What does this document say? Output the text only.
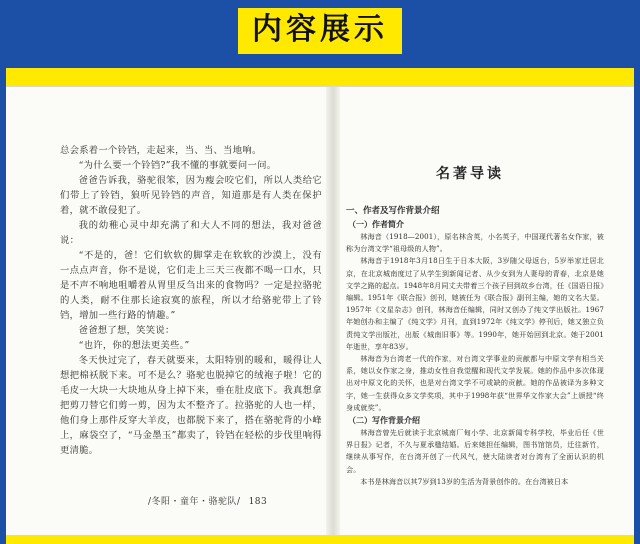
内容展示

总会系着一个铃铛，走起来，当、当、当地响。

“为什么要一个铃铛?”我不懂的事就要问一问。

爸爸告诉我，骆驼很笨，因为瘦会咬它们，所以人类给它们带上了铃铛，狼听见铃铛的声音，知道那是有人类在保护着，就不敢侵犯了。

我的幼稚心灵中却充满了和大人不同的想法，我对爸爸说：

“不是的，爸！它们软软的脚掌走在软软的沙漠上，没有一点点声音，你不是说，它们走上三天三夜都不喝一口水，只是不声不响地咀嚼着从胃里反刍出来的食物吗？一定是拉骆驼的人类，耐不住那长途寂寞的旅程，所以才给骆驼带上了铃铛，增加一些行路的情趣。”

爸爸想了想，笑笑说：

“也许，你的想法更美些。”

冬天快过完了，春天就要来，太阳特别的暖和，暖得让人想把棉袄脱下来。可不是么？骆驼也脱掉它的绒袍子啦！它的毛皮一大块一大块地从身上掉下来，垂在肚皮底下。我真想拿把剪刀替它们剪一剪，因为太不整齐了。拉骆驼的人也一样，他们身上那件反穿大羊皮，也都脱下来了，搭在骆驼背的小峰上，麻袋空了，“马金墨玉”都卖了，铃铛在轻松的步伐里响得更清脆。

/冬阳・童年・骆驼队/ 183
名著导读

一、作者及写作背景介绍

（一）作者简介

林海音（1918—2001），原名林含英，小名英子，中国现代著名女作家，被称为台湾文学“祖母级的人物”。

林海音于1918年3月18日生于日本大阪，3岁随父母返台，5岁举家迁居北京，在北京城南度过了从学生到新闻记者、从少女到为人妻母的青春，北京是她文学之路的起点。1948年8月同丈夫带着三个孩子回到故乡台湾，任《国语日报》编辑。1951年《联合报》创刊，她被任为《联合报》副刊主编，她的文名大显。1957年《文星杂志》创刊，林海音任编辑，同时又创办了纯文学出版社。1967年她创办和主编了《纯文学》月刊，直到1972年《纯文学》停刊后，她又独立负责纯文学出版社，出版《城南旧事》等。1990年，她开始回到北京。她于2001年逝世，享年83岁。

林海音为台湾老一代的作家，对台湾文学事业的贡献都与中原文学有相当关系，她以女作家之身，推动女性自我觉醒和现代文学发展。她的作品中多次体现出对中原文化的关怀，也是对台湾文学不可或缺的贡献。她的作品被译为多种文字，她一生获得众多文学奖项，其中于1998年获“世界华文作家大会”上颁授“终身成就奖”。

（二）写作背景介绍

林海音曾先后就读于北京城南厂甸小学、北京新闻专科学校，毕业后任《世界日报》记者，不久与夏承楹结婚。后来她担任编辑，图书馆馆员，迁往新竹，继续从事写作，在台湾开创了一代风气，使大陆读者对台湾有了全面认识的机会。

本书是林海音以其7岁到13岁的生活为背景创作的。在台湾被日本
